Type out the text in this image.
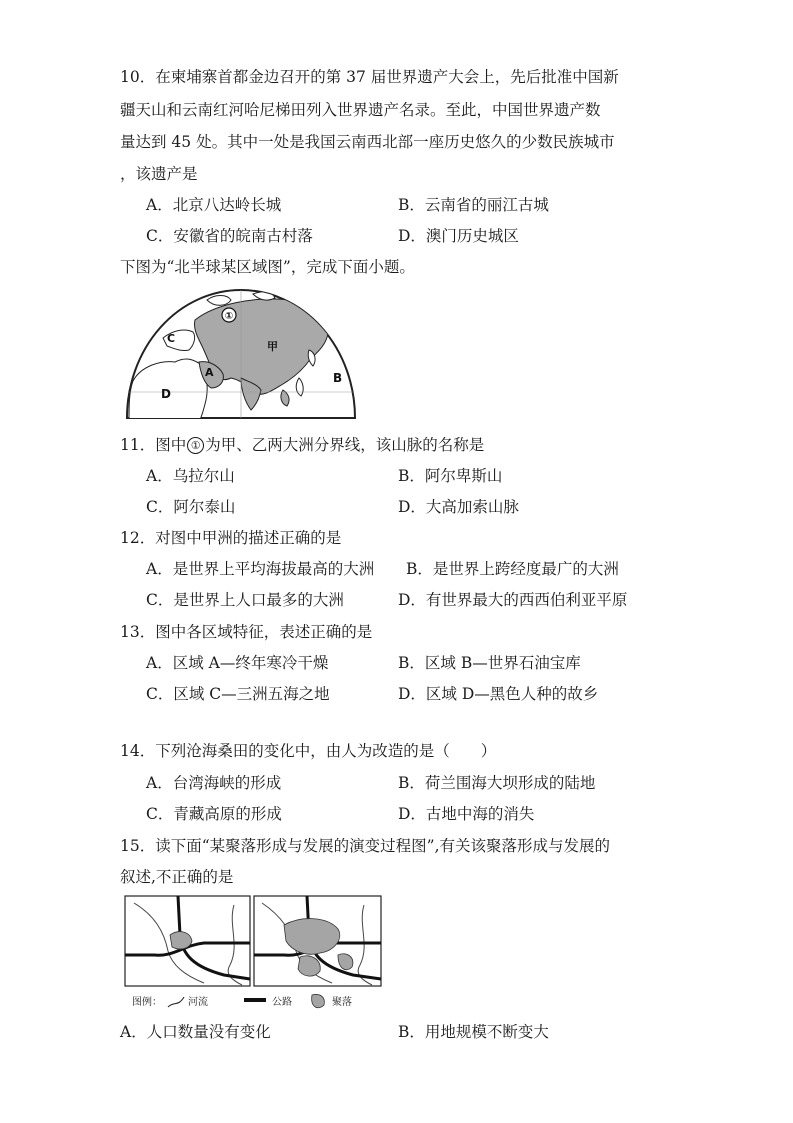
10．在柬埔寨首都金边召开的第 37 届世界遗产大会上，先后批准中国新
疆天山和云南红河哈尼梯田列入世界遗产名录。至此，中国世界遗产数
量达到 45 处。其中一处是我国云南西北部一座历史悠久的少数民族城市
，该遗产是
A．北京八达岭长城	B．云南省的丽江古城
C．安徽省的皖南古村落	D．澳门历史城区
下图为“北半球某区域图”，完成下面小题。
①
甲
A	B
C
D
11．图中 ① 为甲、乙两大洲分界线，该山脉的名称是
A．乌拉尔山	B．阿尔卑斯山
C．阿尔泰山	D．大高加索山脉
12．对图中甲洲的描述正确的是
A．是世界上平均海拔最高的大洲 B．是世界上跨经度最广的大洲
C．是世界上人口最多的大洲	D．有世界最大的西西伯利亚平原
13．图中各区域特征，表述正确的是
A．区域 A—终年寒冷干燥	B．区域 B—世界石油宝库
C．区域 C—三洲五海之地	D．区域 D—黑色人种的故乡
14．下列沧海桑田的变化中，由人为改造的是（　　）
A．台湾海峡的形成	B．荷兰围海大坝形成的陆地
C．青藏高原的形成	D．古地中海的消失
15．读下面“某聚落形成与发展的演变过程图”,有关该聚落形成与发展的
叙述,不正确的是
图例：	河流	公路	聚落
A．人口数量没有变化	B．用地规模不断变大
